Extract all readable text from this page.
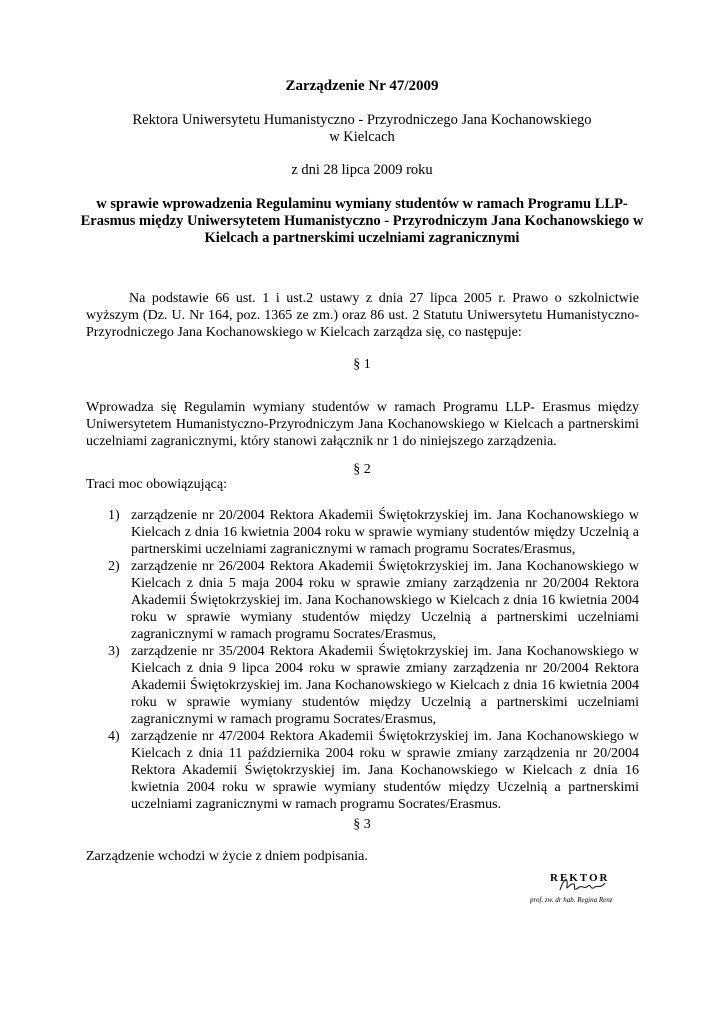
Zarządzenie Nr 47/2009
Rektora Uniwersytetu Humanistyczno - Przyrodniczego Jana Kochanowskiego
w Kielcach
z dni 28 lipca 2009 roku
w sprawie wprowadzenia Regulaminu wymiany studentów w ramach Programu LLP- Erasmus między Uniwersytetem Humanistyczno - Przyrodniczym Jana Kochanowskiego w Kielcach a partnerskimi uczelniami zagranicznymi
Na podstawie 66 ust. 1 i ust.2 ustawy z dnia 27 lipca 2005 r. Prawo o szkolnictwie wyższym (Dz. U. Nr 164, poz. 1365 ze zm.) oraz 86 ust. 2 Statutu Uniwersytetu Humanistyczno-Przyrodniczego Jana Kochanowskiego w Kielcach zarządza się, co następuje:
§ 1
Wprowadza się Regulamin wymiany studentów w ramach Programu LLP- Erasmus między Uniwersytetem Humanistyczno-Przyrodniczym Jana Kochanowskiego w Kielcach a partnerskimi uczelniami zagranicznymi, który stanowi załącznik nr 1 do niniejszego zarządzenia.
§ 2
Traci moc obowiązującą:
1) zarządzenie nr 20/2004 Rektora Akademii Świętokrzyskiej im. Jana Kochanowskiego w Kielcach z dnia 16 kwietnia 2004 roku w sprawie wymiany studentów między Uczelnią a partnerskimi uczelniami zagranicznymi w ramach programu Socrates/Erasmus,
2) zarządzenie nr 26/2004 Rektora Akademii Świętokrzyskiej im. Jana Kochanowskiego w Kielcach z dnia 5 maja 2004 roku w sprawie zmiany zarządzenia nr 20/2004 Rektora Akademii Świętokrzyskiej im. Jana Kochanowskiego w Kielcach z dnia 16 kwietnia 2004 roku w sprawie wymiany studentów między Uczelnią a partnerskimi uczelniami zagranicznymi w ramach programu Socrates/Erasmus,
3) zarządzenie nr 35/2004 Rektora Akademii Świętokrzyskiej im. Jana Kochanowskiego w Kielcach z dnia 9 lipca 2004 roku w sprawie zmiany zarządzenia nr 20/2004 Rektora Akademii Świętokrzyskiej im. Jana Kochanowskiego w Kielcach z dnia 16 kwietnia 2004 roku w sprawie wymiany studentów między Uczelnią a partnerskimi uczelniami zagranicznymi w ramach programu Socrates/Erasmus,
4) zarządzenie nr 47/2004 Rektora Akademii Świętokrzyskiej im. Jana Kochanowskiego w Kielcach z dnia 11 października 2004 roku w sprawie zmiany zarządzenia nr 20/2004 Rektora Akademii Świętokrzyskiej im. Jana Kochanowskiego w Kielcach z dnia 16 kwietnia 2004 roku w sprawie wymiany studentów między Uczelnią a partnerskimi uczelniami zagranicznymi w ramach programu Socrates/Erasmus.
§ 3
Zarządzenie wchodzi w życie z dniem podpisania.
REKTOR
prof. zw. dr hab. Regina Renz
